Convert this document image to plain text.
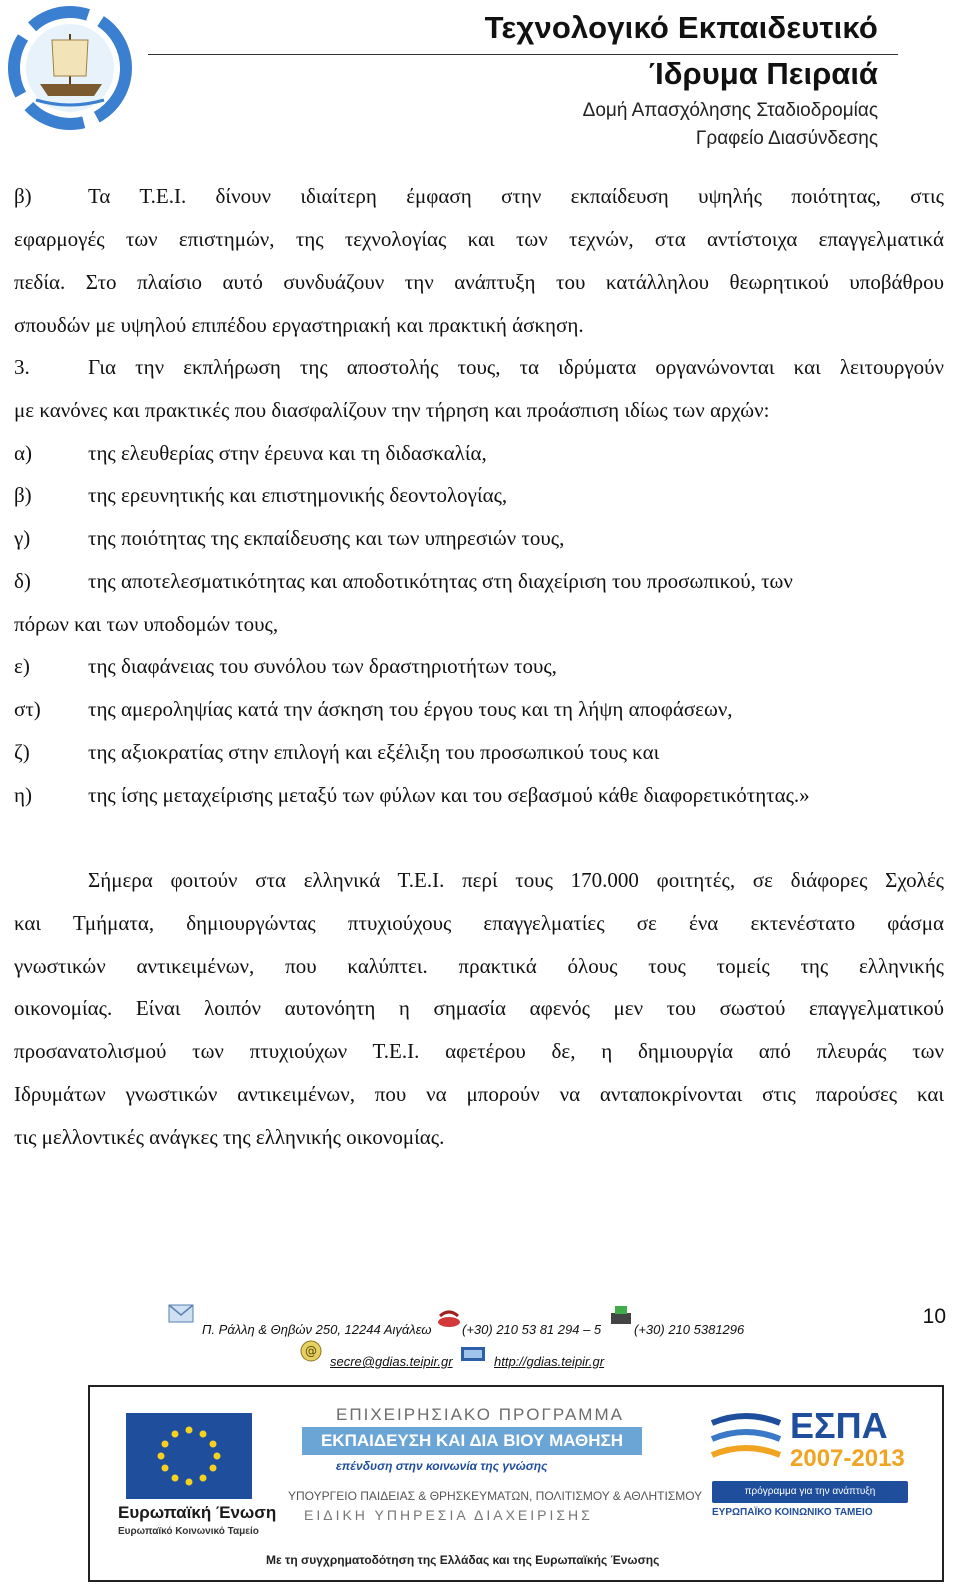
Τεχνολογικό Εκπαιδευτικό
Ίδρυμα Πειραιά
Δομή Απασχόλησης Σταδιοδρομίας
Γραφείο Διασύνδεσης
β)	Τα Τ.Ε.Ι. δίνουν ιδιαίτερη έμφαση στην εκπαίδευση υψηλής ποιότητας, στις
εφαρμογές των επιστημών, της τεχνολογίας και των τεχνών, στα αντίστοιχα επαγγελματικά
πεδία. Στο πλαίσιο αυτό συνδυάζουν την ανάπτυξη του κατάλληλου θεωρητικού υποβάθρου
σπουδών με υψηλού επιπέδου εργαστηριακή και πρακτική άσκηση.
3.	Για την εκπλήρωση της αποστολής τους, τα ιδρύματα οργανώνονται και λειτουργούν
με κανόνες και πρακτικές που διασφαλίζουν την τήρηση και προάσπιση ιδίως των αρχών:
α)	της ελευθερίας στην έρευνα και τη διδασκαλία,
β)	της ερευνητικής και επιστημονικής δεοντολογίας,
γ)	της ποιότητας της εκπαίδευσης και των υπηρεσιών τους,
δ)	της αποτελεσματικότητας και αποδοτικότητας στη διαχείριση του προσωπικού, των
πόρων και των υποδομών τους,
ε)	της διαφάνειας του συνόλου των δραστηριοτήτων τους,
στ) της αμεροληψίας κατά την άσκηση του έργου τους και τη λήψη αποφάσεων,
ζ)	της αξιοκρατίας στην επιλογή και εξέλιξη του προσωπικού τους και
η)	της ίσης μεταχείρισης μεταξύ των φύλων και του σεβασμού κάθε διαφορετικότητας.»
Σήμερα φοιτούν στα ελληνικά Τ.Ε.Ι. περί τους 170.000 φοιτητές, σε διάφορες Σχολές
και Τμήματα, δημιουργώντας πτυχιούχους επαγγελματίες σε ένα εκτενέστατο φάσμα
γνωστικών αντικειμένων, που καλύπτει. πρακτικά όλους τους τομείς της ελληνικής
οικονομίας. Είναι λοιπόν αυτονόητη η σημασία αφενός μεν του σωστού επαγγελματικού
προσανατολισμού των πτυχιούχων Τ.Ε.Ι. αφετέρου δε, η δημιουργία από πλευράς των
Ιδρυμάτων γνωστικών αντικειμένων, που να μπορούν να ανταποκρίνονται στις παρούσες και
τις μελλοντικές ανάγκες της ελληνικής οικονομίας.
10
Π. Ράλλη & Θηβών 250, 12244 Αιγάλεω (+30) 210 53 81 294 – 5	(+30) 210 5381296
@
secre@gdias.teipir.gr	http://gdias.teipir.gr
Ευρωπαϊκή Ένωση
Ευρωπαϊκό Κοινωνικό Ταμείο
ΕΠΙΧΕΙΡΗΣΙΑΚΟ ΠΡΟΓΡΑΜΜΑ
ΕΚΠΑΙΔΕΥΣΗ ΚΑΙ ΔΙΑ ΒΙΟΥ ΜΑΘΗΣΗ
επένδυση στην κοινωνία της γνώσης
ΥΠΟΥΡΓΕΙΟ ΠΑΙΔΕΙΑΣ & ΘΡΗΣΚΕΥΜΑΤΩΝ, ΠΟΛΙΤΙΣΜΟΥ & ΑΘΛΗΤΙΣΜΟΥ
ΕΙΔΙΚΗ ΥΠΗΡΕΣΙΑ ΔΙΑΧΕΙΡΙΣΗΣ
Με τη συγχρηματοδότηση της Ελλάδας και της Ευρωπαϊκής Ένωσης
ΕΣΠΑ
2007-2013
πρόγραμμα για την ανάπτυξη
ΕΥΡΩΠΑΪΚΟ ΚΟΙΝΩΝΙΚΟ ΤΑΜΕΙΟ
